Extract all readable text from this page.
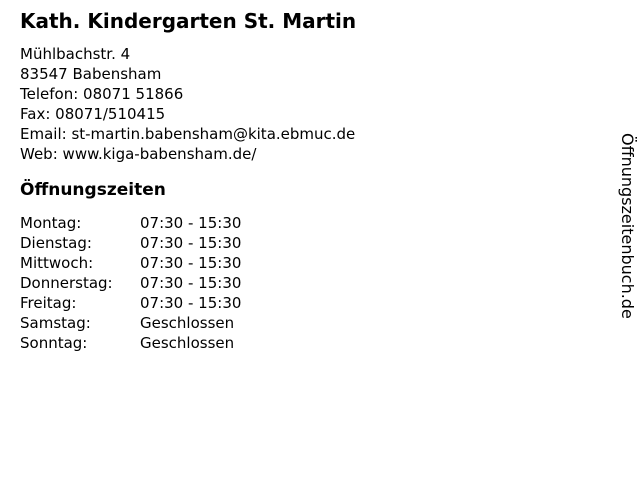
Kath. Kindergarten St. Martin
Mühlbachstr. 4
83547 Babensham
Telefon: 08071 51866
Fax: 08071/510415
Email: st-martin.babensham@kita.ebmuc.de
Web: www.kiga-babensham.de/
Öffnungszeiten
Montag:	07:30 - 15:30
Dienstag:	07:30 - 15:30
Mittwoch:	07:30 - 15:30
Donnerstag:	07:30 - 15:30
Freitag:	07:30 - 15:30
Samstag:	Geschlossen
Sonntag:	Geschlossen
Öffnungszeitenbuch.de
